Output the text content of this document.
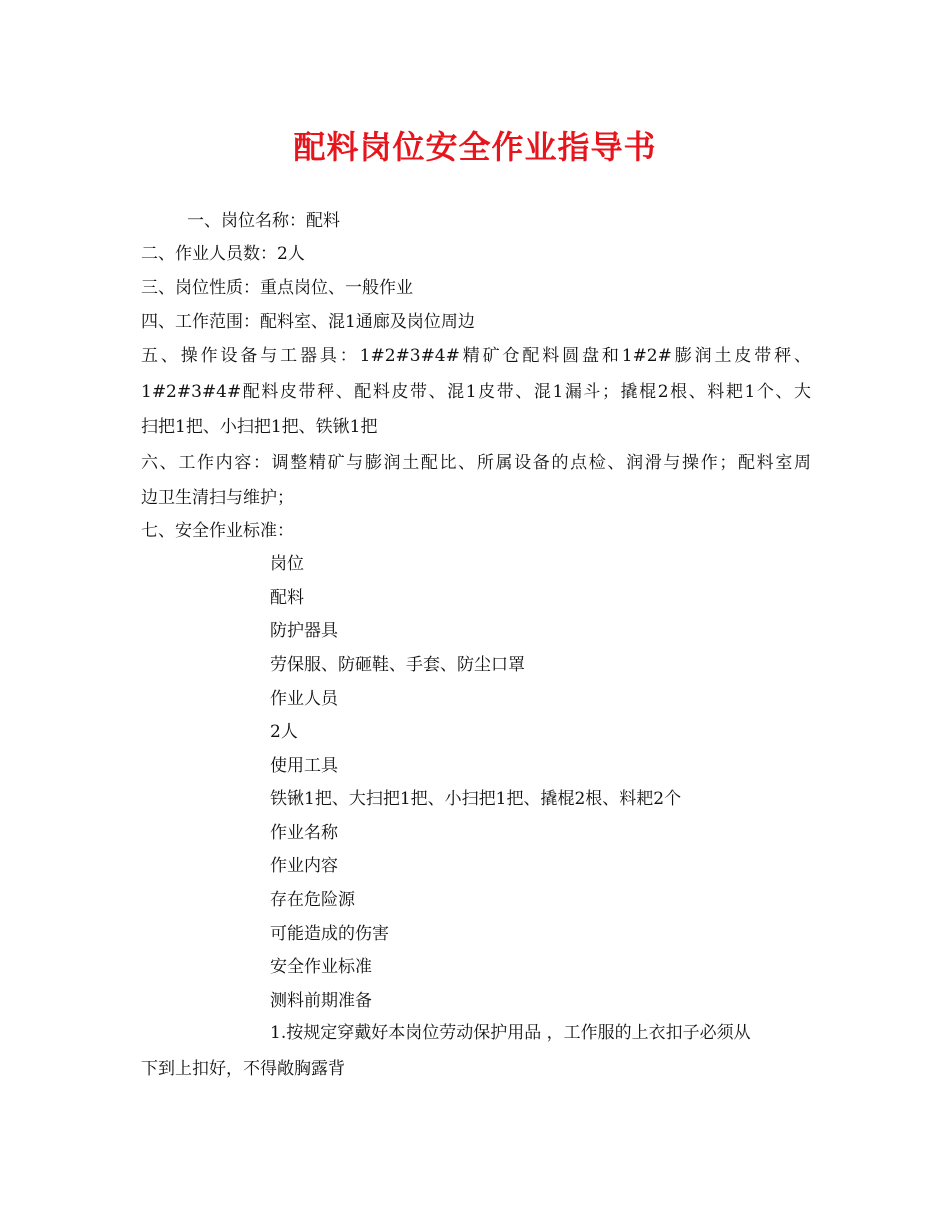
配料岗位安全作业指导书

一、岗位名称：配料

二、作业人员数：2人

三、岗位性质：重点岗位、一般作业

四、工作范围：配料室、混1通廊及岗位周边

五、操作设备与工器具：1#2#3#4#精矿仓配料圆盘和1#2#膨润土皮带秤、

1#2#3#4#配料皮带秤、配料皮带、混1皮带、混1漏斗；撬棍2根、料耙1个、大

扫把1把、小扫把1把、铁锹1把

六、工作内容：调整精矿与膨润土配比、所属设备的点检、润滑与操作；配料室周

边卫生清扫与维护；

七、安全作业标准：

岗位

配料

防护器具

劳保服、防砸鞋、手套、防尘口罩

作业人员

2人

使用工具

铁锹1把、大扫把1把、小扫把1把、撬棍2根、料耙2个

作业名称

作业内容

存在危险源

可能造成的伤害

安全作业标准

测料前期准备

1.按规定穿戴好本岗位劳动保护用品 ，工作服的上衣扣子必须从

下到上扣好，不得敞胸露背
